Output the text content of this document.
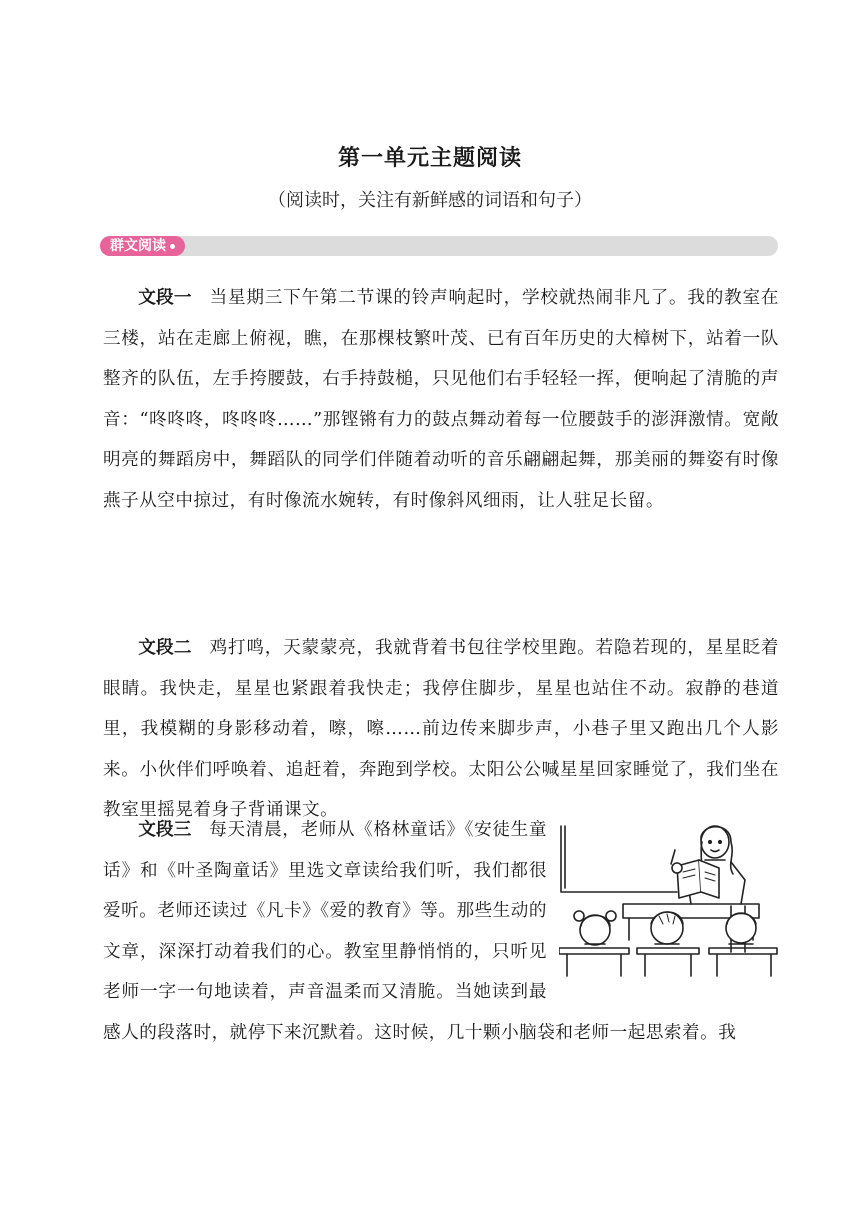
第一单元主题阅读

（阅读时，关注有新鲜感的词语和句子）

群文阅读

文段一 当星期三下午第二节课的铃声响起时，学校就热闹非凡了。我的教室在三楼，站在走廊上俯视，瞧，在那棵枝繁叶茂、已有百年历史的大樟树下，站着一队整齐的队伍，左手挎腰鼓，右手持鼓槌，只见他们右手轻轻一挥，便响起了清脆的声音：“咚咚咚，咚咚咚……”那铿锵有力的鼓点舞动着每一位腰鼓手的澎湃激情。宽敞明亮的舞蹈房中，舞蹈队的同学们伴随着动听的音乐翩翩起舞，那美丽的舞姿有时像燕子从空中掠过，有时像流水婉转，有时像斜风细雨，让人驻足长留。

文段二 鸡打鸣，天蒙蒙亮，我就背着书包往学校里跑。若隐若现的，星星眨着眼睛。我快走，星星也紧跟着我快走；我停住脚步，星星也站住不动。寂静的巷道里，我模糊的身影移动着，嚓，嚓……前边传来脚步声，小巷子里又跑出几个人影来。小伙伴们呼唤着、追赶着，奔跑到学校。太阳公公喊星星回家睡觉了，我们坐在教室里摇晃着身子背诵课文。

文段三 每天清晨，老师从《格林童话》《安徒生童话》和《叶圣陶童话》里选文章读给我们听，我们都很爱听。老师还读过《凡卡》《爱的教育》等。那些生动的文章，深深打动着我们的心。教室里静悄悄的，只听见老师一字一句地读着，声音温柔而又清脆。当她读到最感人的段落时，就停下来沉默着。这时候，几十颗小脑袋和老师一起思索着。我
